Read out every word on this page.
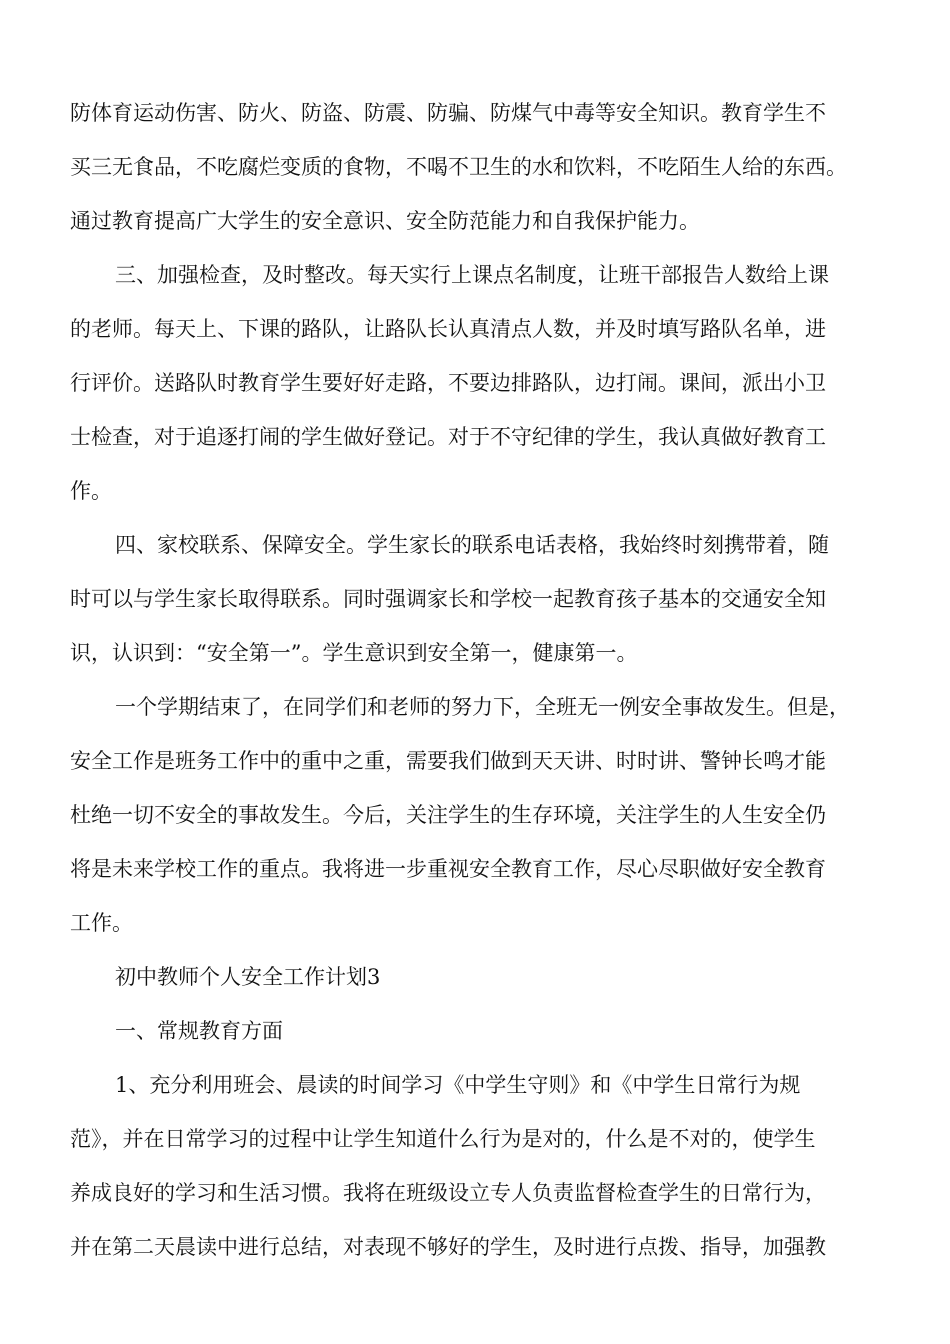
防体育运动伤害、防火、防盗、防震、防骗、防煤气中毒等安全知识。教育学生不
买三无食品，不吃腐烂变质的食物，不喝不卫生的水和饮料，不吃陌生人给的东西。
通过教育提高广大学生的安全意识、安全防范能力和自我保护能力。
三、加强检查，及时整改。每天实行上课点名制度，让班干部报告人数给上课
的老师。每天上、下课的路队，让路队长认真清点人数，并及时填写路队名单，进
行评价。送路队时教育学生要好好走路，不要边排路队，边打闹。课间，派出小卫
士检查，对于追逐打闹的学生做好登记。对于不守纪律的学生，我认真做好教育工
作。
四、家校联系、保障安全。学生家长的联系电话表格，我始终时刻携带着，随
时可以与学生家长取得联系。同时强调家长和学校一起教育孩子基本的交通安全知
识，认识到：“安全第一”。学生意识到安全第一，健康第一。
一个学期结束了，在同学们和老师的努力下，全班无一例安全事故发生。但是，
安全工作是班务工作中的重中之重，需要我们做到天天讲、时时讲、警钟长鸣才能
杜绝一切不安全的事故发生。今后，关注学生的生存环境，关注学生的人生安全仍
将是未来学校工作的重点。我将进一步重视安全教育工作，尽心尽职做好安全教育
工作。
初中教师个人安全工作计划3
一、常规教育方面
1、充分利用班会、晨读的时间学习《中学生守则》和《中学生日常行为规
范》，并在日常学习的过程中让学生知道什么行为是对的，什么是不对的，使学生
养成良好的学习和生活习惯。我将在班级设立专人负责监督检查学生的日常行为，
并在第二天晨读中进行总结，对表现不够好的学生，及时进行点拨、指导，加强教
